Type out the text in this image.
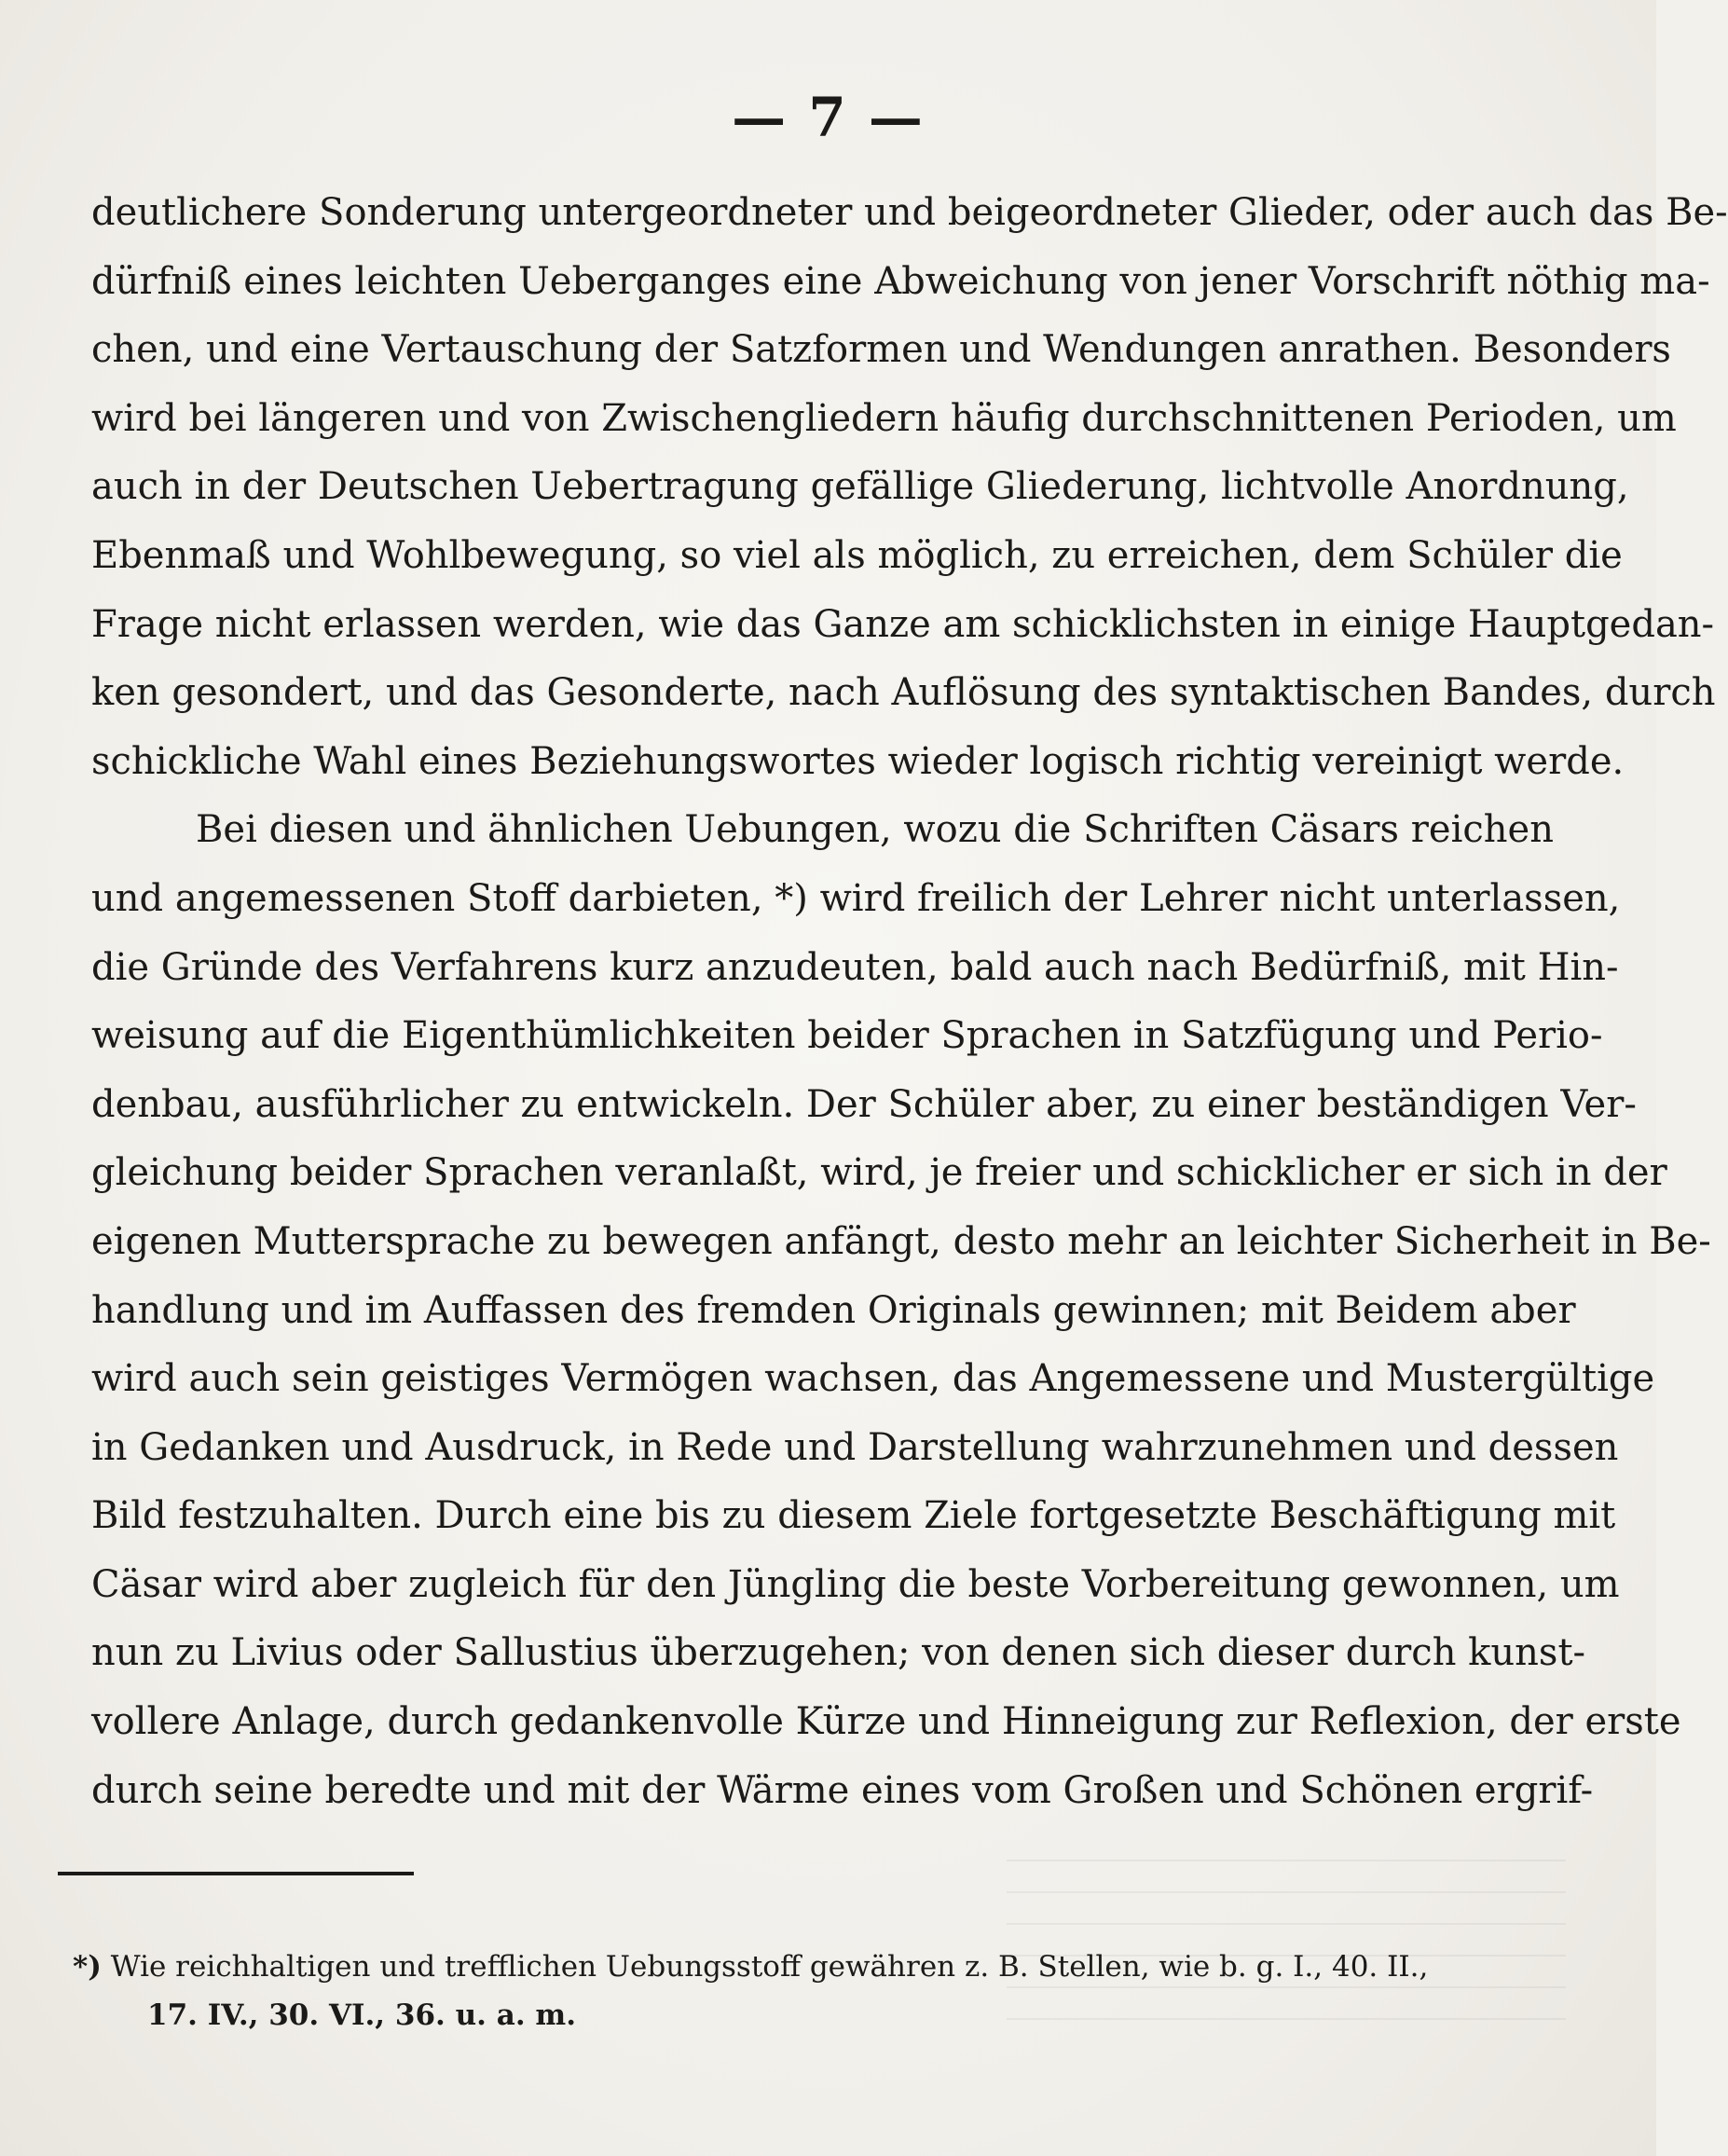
— 7 —
deutlichere Sonderung untergeordneter und beigeordneter Glieder, oder auch das Be-
dürfniß eines leichten Ueberganges eine Abweichung von jener Vorschrift nöthig ma-
chen, und eine Vertauschung der Satzformen und Wendungen anrathen. Besonders
wird bei längeren und von Zwischengliedern häufig durchschnittenen Perioden, um
auch in der Deutschen Uebertragung gefällige Gliederung, lichtvolle Anordnung,
Ebenmaß und Wohlbewegung, so viel als möglich, zu erreichen, dem Schüler die
Frage nicht erlassen werden, wie das Ganze am schicklichsten in einige Hauptgedan-
ken gesondert, und das Gesonderte, nach Auflösung des syntaktischen Bandes, durch
schickliche Wahl eines Beziehungswortes wieder logisch richtig vereinigt werde.
Bei diesen und ähnlichen Uebungen, wozu die Schriften Cäsars reichen
und angemessenen Stoff darbieten, *) wird freilich der Lehrer nicht unterlassen,
die Gründe des Verfahrens kurz anzudeuten, bald auch nach Bedürfniß, mit Hin-
weisung auf die Eigenthümlichkeiten beider Sprachen in Satzfügung und Perio-
denbau, ausführlicher zu entwickeln. Der Schüler aber, zu einer beständigen Ver-
gleichung beider Sprachen veranlaßt, wird, je freier und schicklicher er sich in der
eigenen Muttersprache zu bewegen anfängt, desto mehr an leichter Sicherheit in Be-
handlung und im Auffassen des fremden Originals gewinnen; mit Beidem aber
wird auch sein geistiges Vermögen wachsen, das Angemessene und Mustergültige
in Gedanken und Ausdruck, in Rede und Darstellung wahrzunehmen und dessen
Bild festzuhalten. Durch eine bis zu diesem Ziele fortgesetzte Beschäftigung mit
Cäsar wird aber zugleich für den Jüngling die beste Vorbereitung gewonnen, um
nun zu Livius oder Sallustius überzugehen; von denen sich dieser durch kunst-
vollere Anlage, durch gedankenvolle Kürze und Hinneigung zur Reflexion, der erste
durch seine beredte und mit der Wärme eines vom Großen und Schönen ergrif-
*) Wie reichhaltigen und trefflichen Uebungsstoff gewähren z. B. Stellen, wie b. g. I., 40. II.,
17. IV., 30. VI., 36. u. a. m.
